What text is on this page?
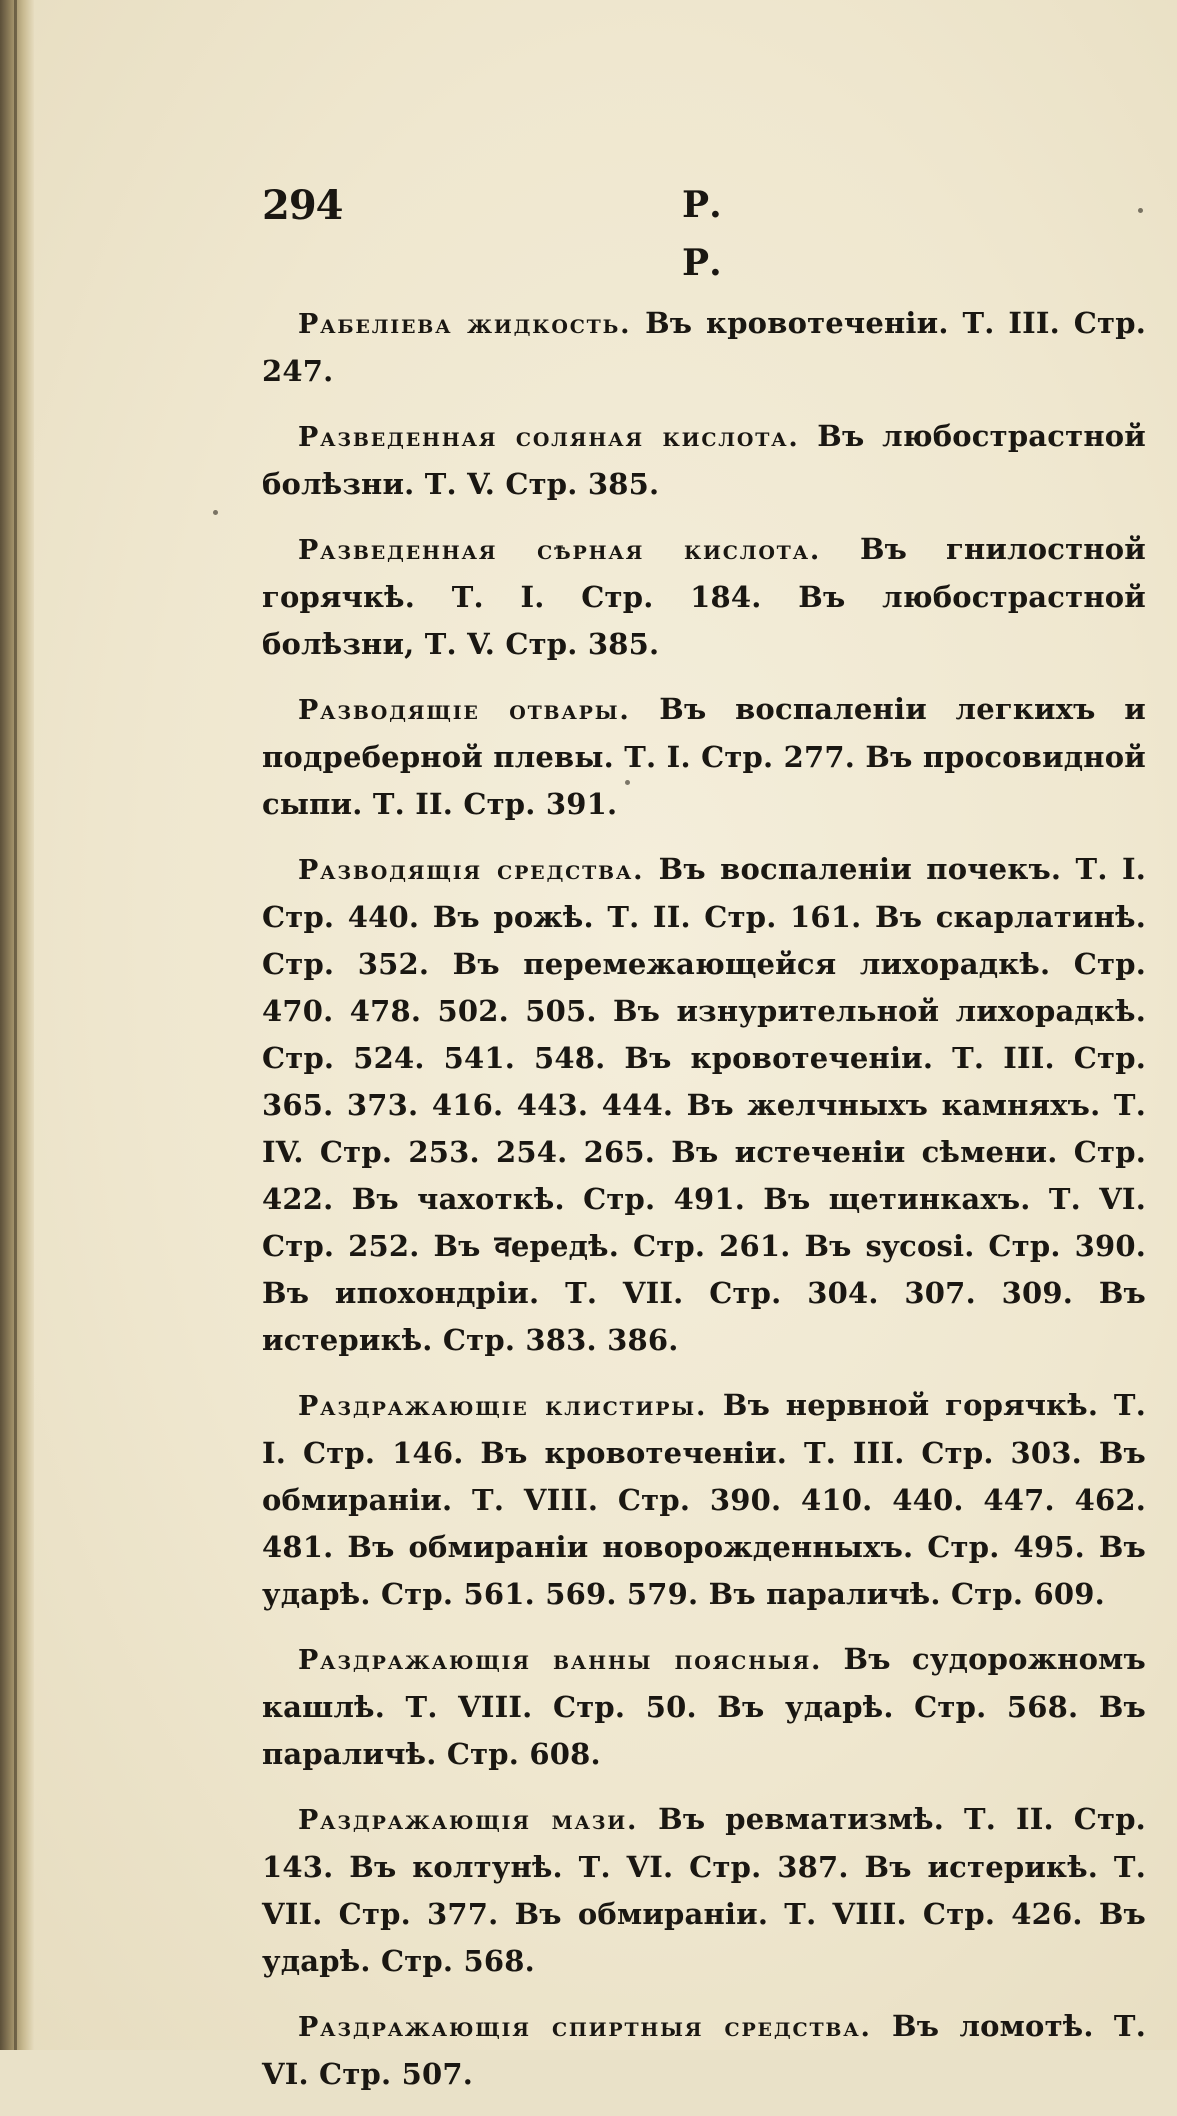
294	Р.
Р.

Рабелiева жидкость. Въ кровотеченiи. Т. III. Стр. 247.

Разведенная соляная кислота. Въ любострастной болѣзни. Т. V. Стр. 385.

Разведенная сѣрная кислота. Въ гнилостной горячкѣ. Т. I. Стр. 184. Въ любострастной болѣзни, Т. V. Стр. 385.

Разводящiе отвары. Въ воспаленiи легкихъ и подреберной плевы. Т. I. Стр. 277. Въ просовидной сыпи. Т. II. Стр. 391.

Разводящiя средства. Въ воспаленiи почекъ. Т. I. Стр. 440. Въ рожѣ. Т. II. Стр. 161. Въ скарлатинѣ. Стр. 352. Въ перемежающейся лихорадкѣ. Стр. 470. 478. 502. 505. Въ изнурительной лихорадкѣ. Стр. 524. 541. 548. Въ кровотеченiи. Т. III. Стр. 365. 373. 416. 443. 444. Въ желчныхъ камняхъ. Т. IV. Стр. 253. 254. 265. Въ истеченiи сѣмени. Стр. 422. Въ чахоткѣ. Стр. 491. Въ щетинкахъ. Т. VI. Стр. 252. Въ वередѣ. Стр. 261. Въ sycosi. Стр. 390. Въ ипохондрiи. Т. VII. Стр. 304. 307. 309. Въ истерикѣ. Стр. 383. 386.

Раздражающiе клистиры. Въ нервной горячкѣ. Т. I. Стр. 146. Въ кровотеченiи. Т. III. Стр. 303. Въ обмиранiи. Т. VIII. Стр. 390. 410. 440. 447. 462. 481. Въ обмиранiи новорожденныхъ. Стр. 495. Въ ударѣ. Стр. 561. 569. 579. Въ параличѣ. Стр. 609.

Раздражающiя ванны поясныя. Въ судорожномъ кашлѣ. Т. VIII. Стр. 50. Въ ударѣ. Стр. 568. Въ параличѣ. Стр. 608.

Раздражающiя мази. Въ ревматизмѣ. Т. II. Стр. 143. Въ колтунѣ. Т. VI. Стр. 387. Въ истерикѣ. Т. VII. Стр. 377. Въ обмиранiи. Т. VIII. Стр. 426. Въ ударѣ. Стр. 568.

Раздражающiя спиртныя средства. Въ ломотѣ. Т. VI. Стр. 507.
